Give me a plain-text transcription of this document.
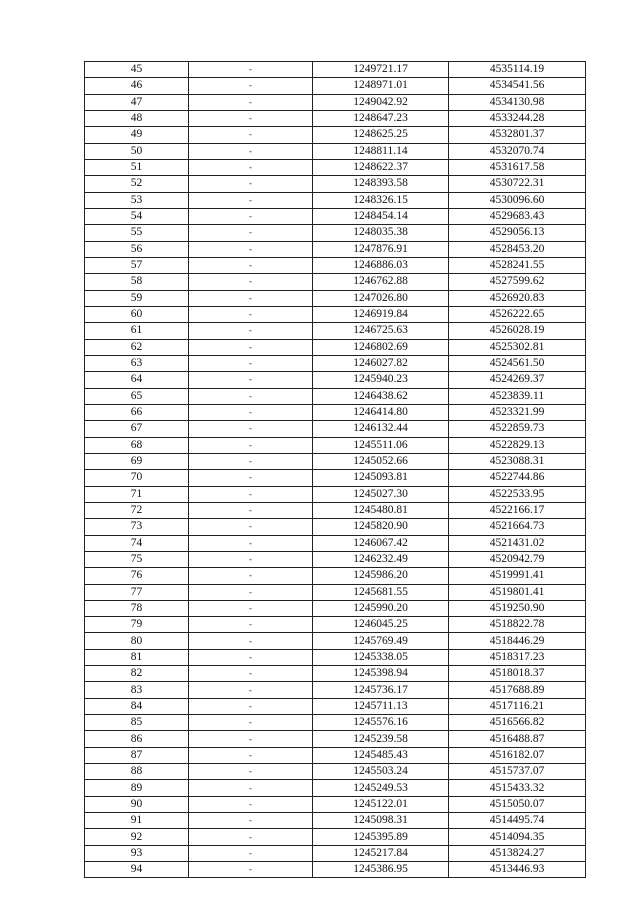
45	-	1249721.17	4535114.19
46	-	1248971.01	4534541.56
47	-	1249042.92	4534130.98
48	-	1248647.23	4533244.28
49	-	1248625.25	4532801.37
50	-	1248811.14	4532070.74
51	-	1248622.37	4531617.58
52	-	1248393.58	4530722.31
53	-	1248326.15	4530096.60
54	-	1248454.14	4529683.43
55	-	1248035.38	4529056.13
56	-	1247876.91	4528453.20
57	-	1246886.03	4528241.55
58	-	1246762.88	4527599.62
59	-	1247026.80	4526920.83
60	-	1246919.84	4526222.65
61	-	1246725.63	4526028.19
62	-	1246802.69	4525302.81
63	-	1246027.82	4524561.50
64	-	1245940.23	4524269.37
65	-	1246438.62	4523839.11
66	-	1246414.80	4523321.99
67	-	1246132.44	4522859.73
68	-	1245511.06	4522829.13
69	-	1245052.66	4523088.31
70	-	1245093.81	4522744.86
71	-	1245027.30	4522533.95
72	-	1245480.81	4522166.17
73	-	1245820.90	4521664.73
74	-	1246067.42	4521431.02
75	-	1246232.49	4520942.79
76	-	1245986.20	4519991.41
77	-	1245681.55	4519801.41
78	-	1245990.20	4519250.90
79	-	1246045.25	4518822.78
80	-	1245769.49	4518446.29
81	-	1245338.05	4518317.23
82	-	1245398.94	4518018.37
83	-	1245736.17	4517688.89
84	-	1245711.13	4517116.21
85	-	1245576.16	4516566.82
86	-	1245239.58	4516488.87
87	-	1245485.43	4516182.07
88	-	1245503.24	4515737.07
89	-	1245249.53	4515433.32
90	-	1245122.01	4515050.07
91	-	1245098.31	4514495.74
92	-	1245395.89	4514094.35
93	-	1245217.84	4513824.27
94	-	1245386.95	4513446.93
